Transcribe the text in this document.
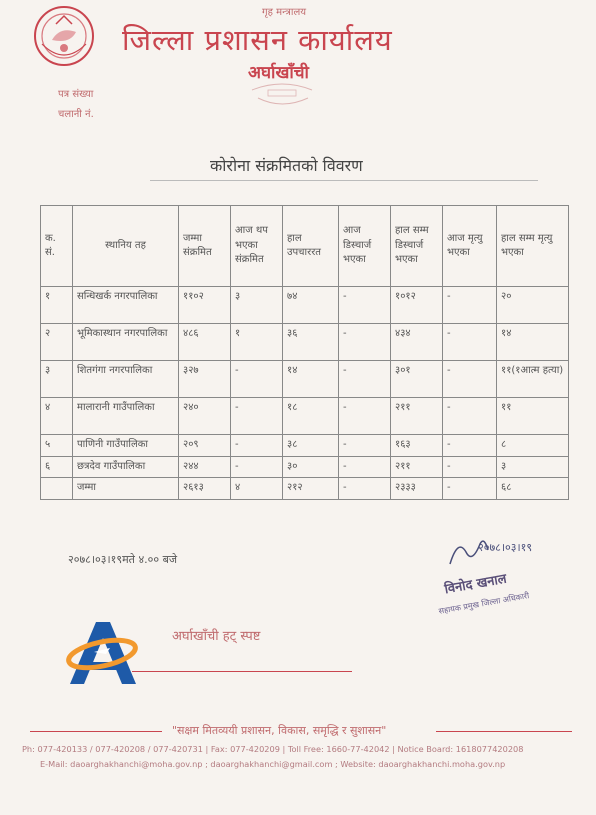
गृह मन्त्रालय
जिल्ला प्रशासन कार्यालय
अर्घाखाँची
पत्र संख्या
चलानी नं.
कोरोना संक्रमितको विवरण
क. सं.	स्थानिय तह	जम्मा संक्रमित	आज थप भएका संक्रमित	हाल उपचाररत	आज डिस्चार्ज भएका	हाल सम्म डिस्चार्ज भएका	आज मृत्यु भएका	हाल सम्म मृत्यु भएका
१	सन्धिखर्क नगरपालिका	११०२	३	७४	-	१०१२	-	२०
२	भूमिकास्थान नगरपालिका	४८६	१	३६	-	४३४	-	१४
३	शितगंगा नगरपालिका	३२७	-	१४	-	३०१	-	११(१आत्म हत्या)
४	मालारानी गाउँपालिका	२४०	-	१८	-	२११	-	११
५	पाणिनी गाउँपालिका	२०९	-	३८	-	१६३	-	८
६	छत्रदेव गाउँपालिका	२४४	-	३०	-	२११	-	३
	जम्मा	२६१३	४	२१२	-	२३३३	-	६८
२०७८।०३।१९मते ४.०० बजे
२०७८।०३।१९
विनोद खनाल
सहायक प्रमुख जिल्ला अधिकारी
अर्घाखाँची हट् स्पष्ट
"सक्षम मितव्ययी प्रशासन, विकास, समृद्धि र सुशासन"
Ph: 077-420133 / 077-420208 / 077-420731 | Fax: 077-420209 | Toll Free: 1660-77-42042 | Notice Board: 1618077420208
E-Mail: daoarghakhanchi@moha.gov.np ; daoarghakhanchi@gmail.com ; Website: daoarghakhanchi.moha.gov.np
